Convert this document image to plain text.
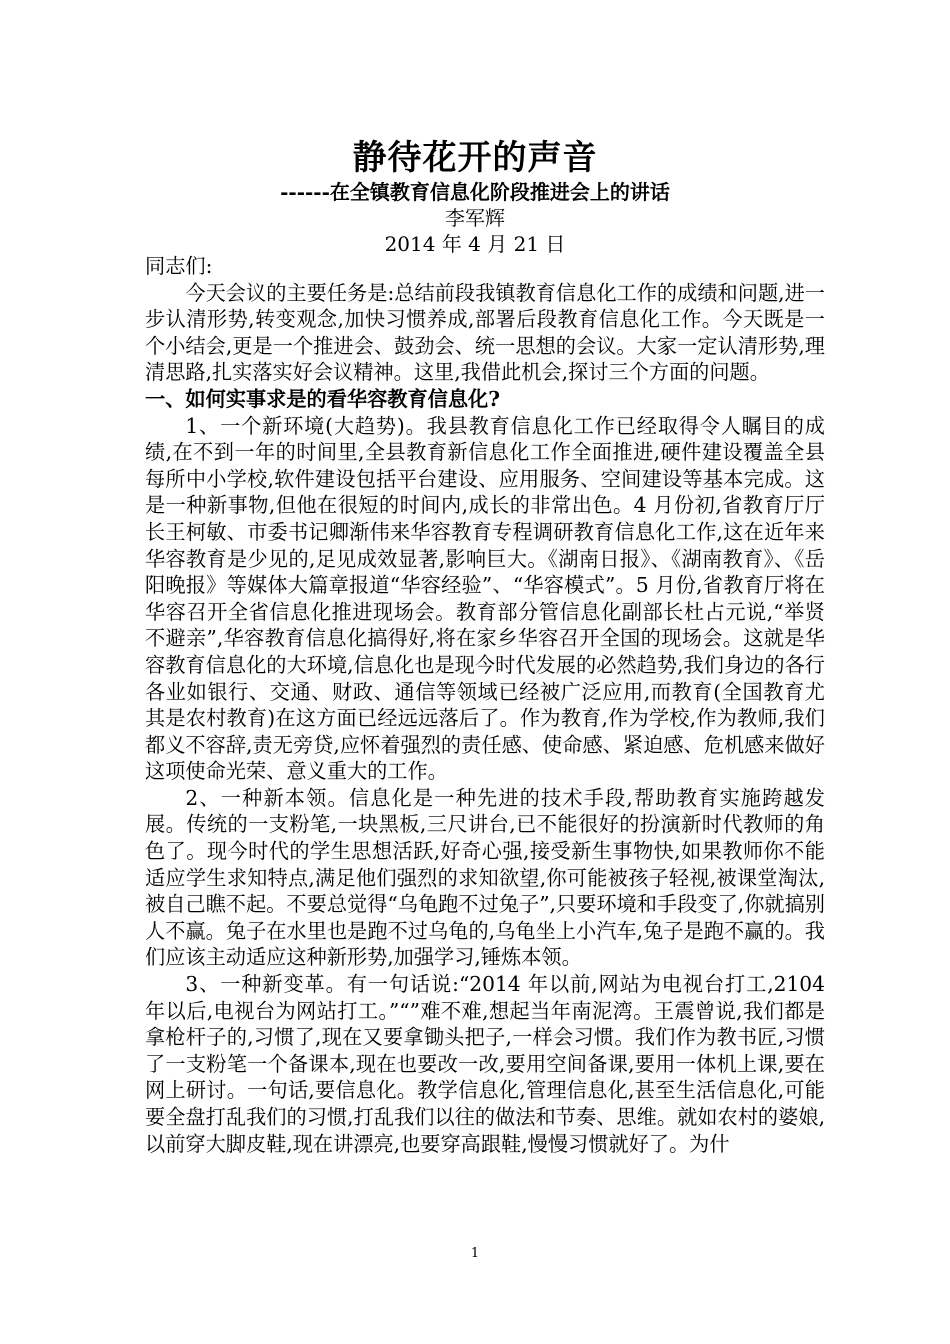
静待花开的声音
------在全镇教育信息化阶段推进会上的讲话
李军辉
2014 年 4 月 21 日

同志们:

今天会议的主要任务是:总结前段我镇教育信息化工作的成绩和问题,进一步认清形势,转变观念,加快习惯养成,部署后段教育信息化工作。今天既是一个小结会,更是一个推进会、鼓劲会、统一思想的会议。大家一定认清形势,理清思路,扎实落实好会议精神。这里,我借此机会,探讨三个方面的问题。

一、如何实事求是的看华容教育信息化?

1、一个新环境(大趋势)。我县教育信息化工作已经取得令人瞩目的成绩,在不到一年的时间里,全县教育新信息化工作全面推进,硬件建设覆盖全县每所中小学校,软件建设包括平台建设、应用服务、空间建设等基本完成。这是一种新事物,但他在很短的时间内,成长的非常出色。4 月份初,省教育厅厅长王柯敏、市委书记卿渐伟来华容教育专程调研教育信息化工作,这在近年来华容教育是少见的,足见成效显著,影响巨大。《湖南日报》、《湖南教育》、《岳阳晚报》等媒体大篇章报道“华容经验”、“华容模式”。5 月份,省教育厅将在华容召开全省信息化推进现场会。教育部分管信息化副部长杜占元说,“举贤不避亲”,华容教育信息化搞得好,将在家乡华容召开全国的现场会。这就是华容教育信息化的大环境,信息化也是现今时代发展的必然趋势,我们身边的各行各业如银行、交通、财政、通信等领域已经被广泛应用,而教育(全国教育尤其是农村教育)在这方面已经远远落后了。作为教育,作为学校,作为教师,我们都义不容辞,责无旁贷,应怀着强烈的责任感、使命感、紧迫感、危机感来做好这项使命光荣、意义重大的工作。

2、一种新本领。信息化是一种先进的技术手段,帮助教育实施跨越发展。传统的一支粉笔,一块黑板,三尺讲台,已不能很好的扮演新时代教师的角色了。现今时代的学生思想活跃,好奇心强,接受新生事物快,如果教师你不能适应学生求知特点,满足他们强烈的求知欲望,你可能被孩子轻视,被课堂淘汰,被自己瞧不起。不要总觉得“乌龟跑不过兔子”,只要环境和手段变了,你就搞别人不赢。兔子在水里也是跑不过乌龟的,乌龟坐上小汽车,兔子是跑不赢的。我们应该主动适应这种新形势,加强学习,锤炼本领。

3、一种新变革。有一句话说:“2014 年以前,网站为电视台打工,2104 年以后,电视台为网站打工。”“”难不难,想起当年南泥湾。王震曾说,我们都是拿枪杆子的,习惯了,现在又要拿锄头把子,一样会习惯。我们作为教书匠,习惯了一支粉笔一个备课本,现在也要改一改,要用空间备课,要用一体机上课,要在网上研讨。一句话,要信息化。教学信息化,管理信息化,甚至生活信息化,可能要全盘打乱我们的习惯,打乱我们以往的做法和节奏、思维。就如农村的婆娘,以前穿大脚皮鞋,现在讲漂亮,也要穿高跟鞋,慢慢习惯就好了。为什

1
